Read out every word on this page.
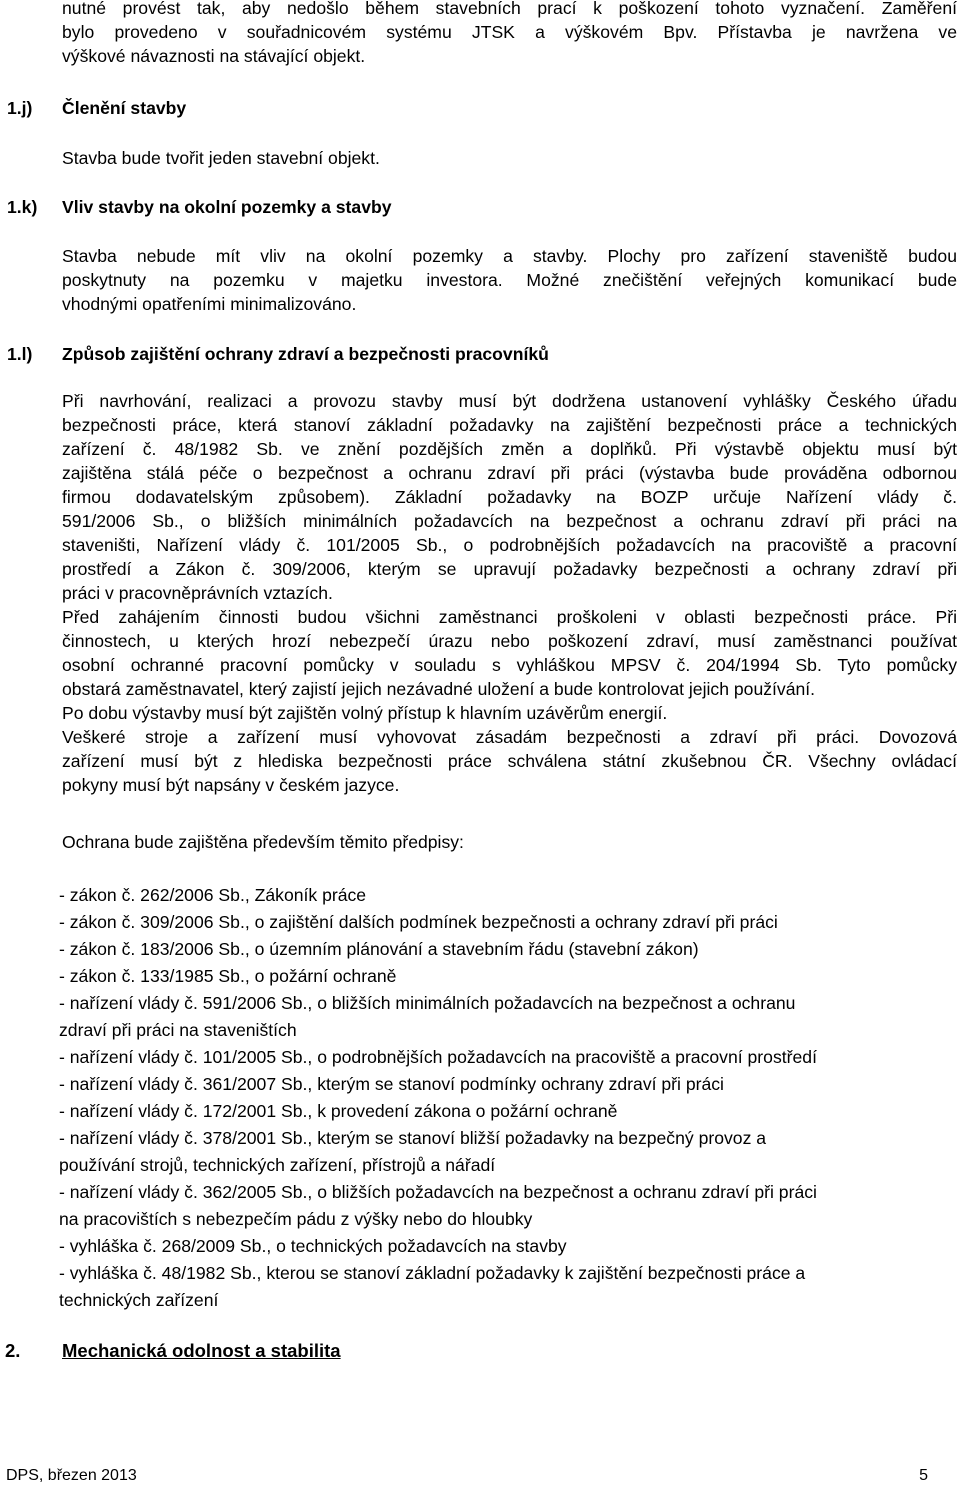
nutné provést tak, aby nedošlo během stavebních prací k poškození tohoto vyznačení. Zaměření
bylo provedeno v souřadnicovém systému JTSK a výškovém Bpv. Přístavba je navržena ve
výškové návaznosti na stávající objekt.
1.j) Členění stavby
Stavba bude tvořit jeden stavební objekt.
1.k) Vliv stavby na okolní pozemky a stavby
Stavba nebude mít vliv na okolní pozemky a stavby. Plochy pro zařízení staveniště budou
poskytnuty na pozemku v majetku investora. Možné znečištění veřejných komunikací bude
vhodnými opatřeními minimalizováno.
1.l) Způsob zajištění ochrany zdraví a bezpečnosti pracovníků
Při navrhování, realizaci a provozu stavby musí být dodržena ustanovení vyhlášky Českého úřadu
bezpečnosti práce, která stanoví základní požadavky na zajištění bezpečnosti práce a technických
zařízení č. 48/1982 Sb. ve znění pozdějších změn a doplňků. Při výstavbě objektu musí být
zajištěna stálá péče o bezpečnost a ochranu zdraví při práci (výstavba bude prováděna odbornou
firmou dodavatelským způsobem). Základní požadavky na BOZP určuje Nařízení vlády č.
591/2006 Sb., o bližších minimálních požadavcích na bezpečnost a ochranu zdraví při práci na
staveništi, Nařízení vlády č. 101/2005 Sb., o podrobnějších požadavcích na pracoviště a pracovní
prostředí a Zákon č. 309/2006, kterým se upravují požadavky bezpečnosti a ochrany zdraví při
práci v pracovněprávních vztazích.
Před zahájením činnosti budou všichni zaměstnanci proškoleni v oblasti bezpečnosti práce. Při
činnostech, u kterých hrozí nebezpečí úrazu nebo poškození zdraví, musí zaměstnanci používat
osobní ochranné pracovní pomůcky v souladu s vyhláškou MPSV č. 204/1994 Sb. Tyto pomůcky
obstará zaměstnavatel, který zajistí jejich nezávadné uložení a bude kontrolovat jejich používání.
Po dobu výstavby musí být zajištěn volný přístup k hlavním uzávěrům energií.
Veškeré stroje a zařízení musí vyhovovat zásadám bezpečnosti a zdraví při práci. Dovozová
zařízení musí být z hlediska bezpečnosti práce schválena státní zkušebnou ČR. Všechny ovládací
pokyny musí být napsány v českém jazyce.
Ochrana bude zajištěna především těmito předpisy:
- zákon č. 262/2006 Sb., Zákoník práce
- zákon č. 309/2006 Sb., o zajištění dalších podmínek bezpečnosti a ochrany zdraví při práci
- zákon č. 183/2006 Sb., o územním plánování a stavebním řádu (stavební zákon)
- zákon č. 133/1985 Sb., o požární ochraně
- nařízení vlády č. 591/2006 Sb., o bližších minimálních požadavcích na bezpečnost a ochranu
zdraví při práci na staveništích
- nařízení vlády č. 101/2005 Sb., o podrobnějších požadavcích na pracoviště a pracovní prostředí
- nařízení vlády č. 361/2007 Sb., kterým se stanoví podmínky ochrany zdraví při práci
- nařízení vlády č. 172/2001 Sb., k provedení zákona o požární ochraně
- nařízení vlády č. 378/2001 Sb., kterým se stanoví bližší požadavky na bezpečný provoz a
používání strojů, technických zařízení, přístrojů a nářadí
- nařízení vlády č. 362/2005 Sb., o bližších požadavcích na bezpečnost a ochranu zdraví při práci
na pracovištích s nebezpečím pádu z výšky nebo do hloubky
- vyhláška č. 268/2009 Sb., o technických požadavcích na stavby
- vyhláška č. 48/1982 Sb., kterou se stanoví základní požadavky k zajištění bezpečnosti práce a
technických zařízení
2. Mechanická odolnost a stabilita
DPS, březen 2013	5
